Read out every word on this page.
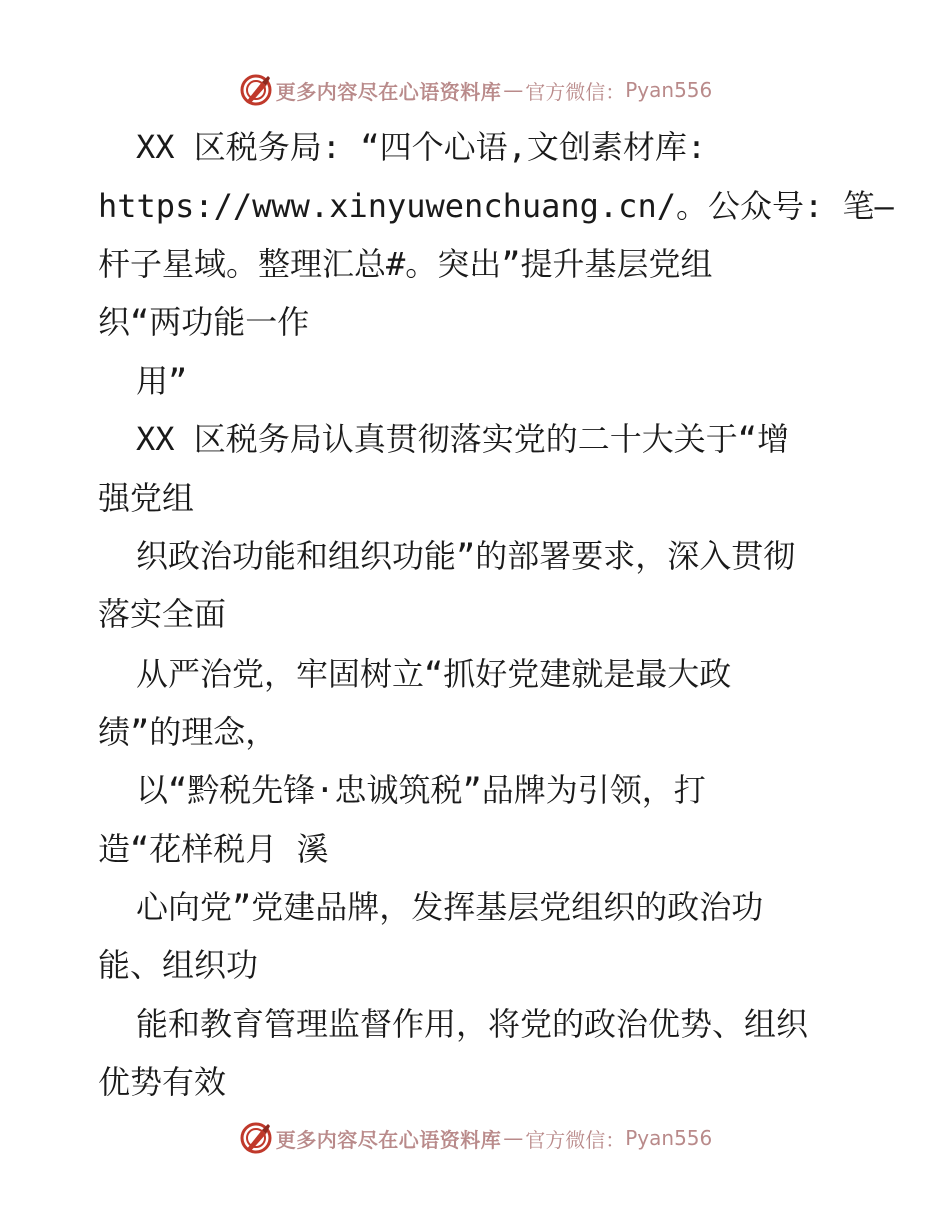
更多内容尽在心语资料库 — 官方微信： Pyan556
XX 区税务局: “四个心语,文创素材库:
https://www.xinyuwenchuang.cn/。公众号: 笔—
杆子星域。整理汇总#。突出”提升基层党组
织“两功能一作
用”
XX 区税务局认真贯彻落实党的二十大关于“增
强党组
织政治功能和组织功能”的部署要求，深入贯彻
落实全面
从严治党，牢固树立“抓好党建就是最大政
绩”的理念，
以“黔税先锋·忠诚筑税”品牌为引领，打
造“花样税月 溪
心向党”党建品牌，发挥基层党组织的政治功
能、组织功
能和教育管理监督作用，将党的政治优势、组织
优势有效
更多内容尽在心语资料库 — 官方微信： Pyan556
